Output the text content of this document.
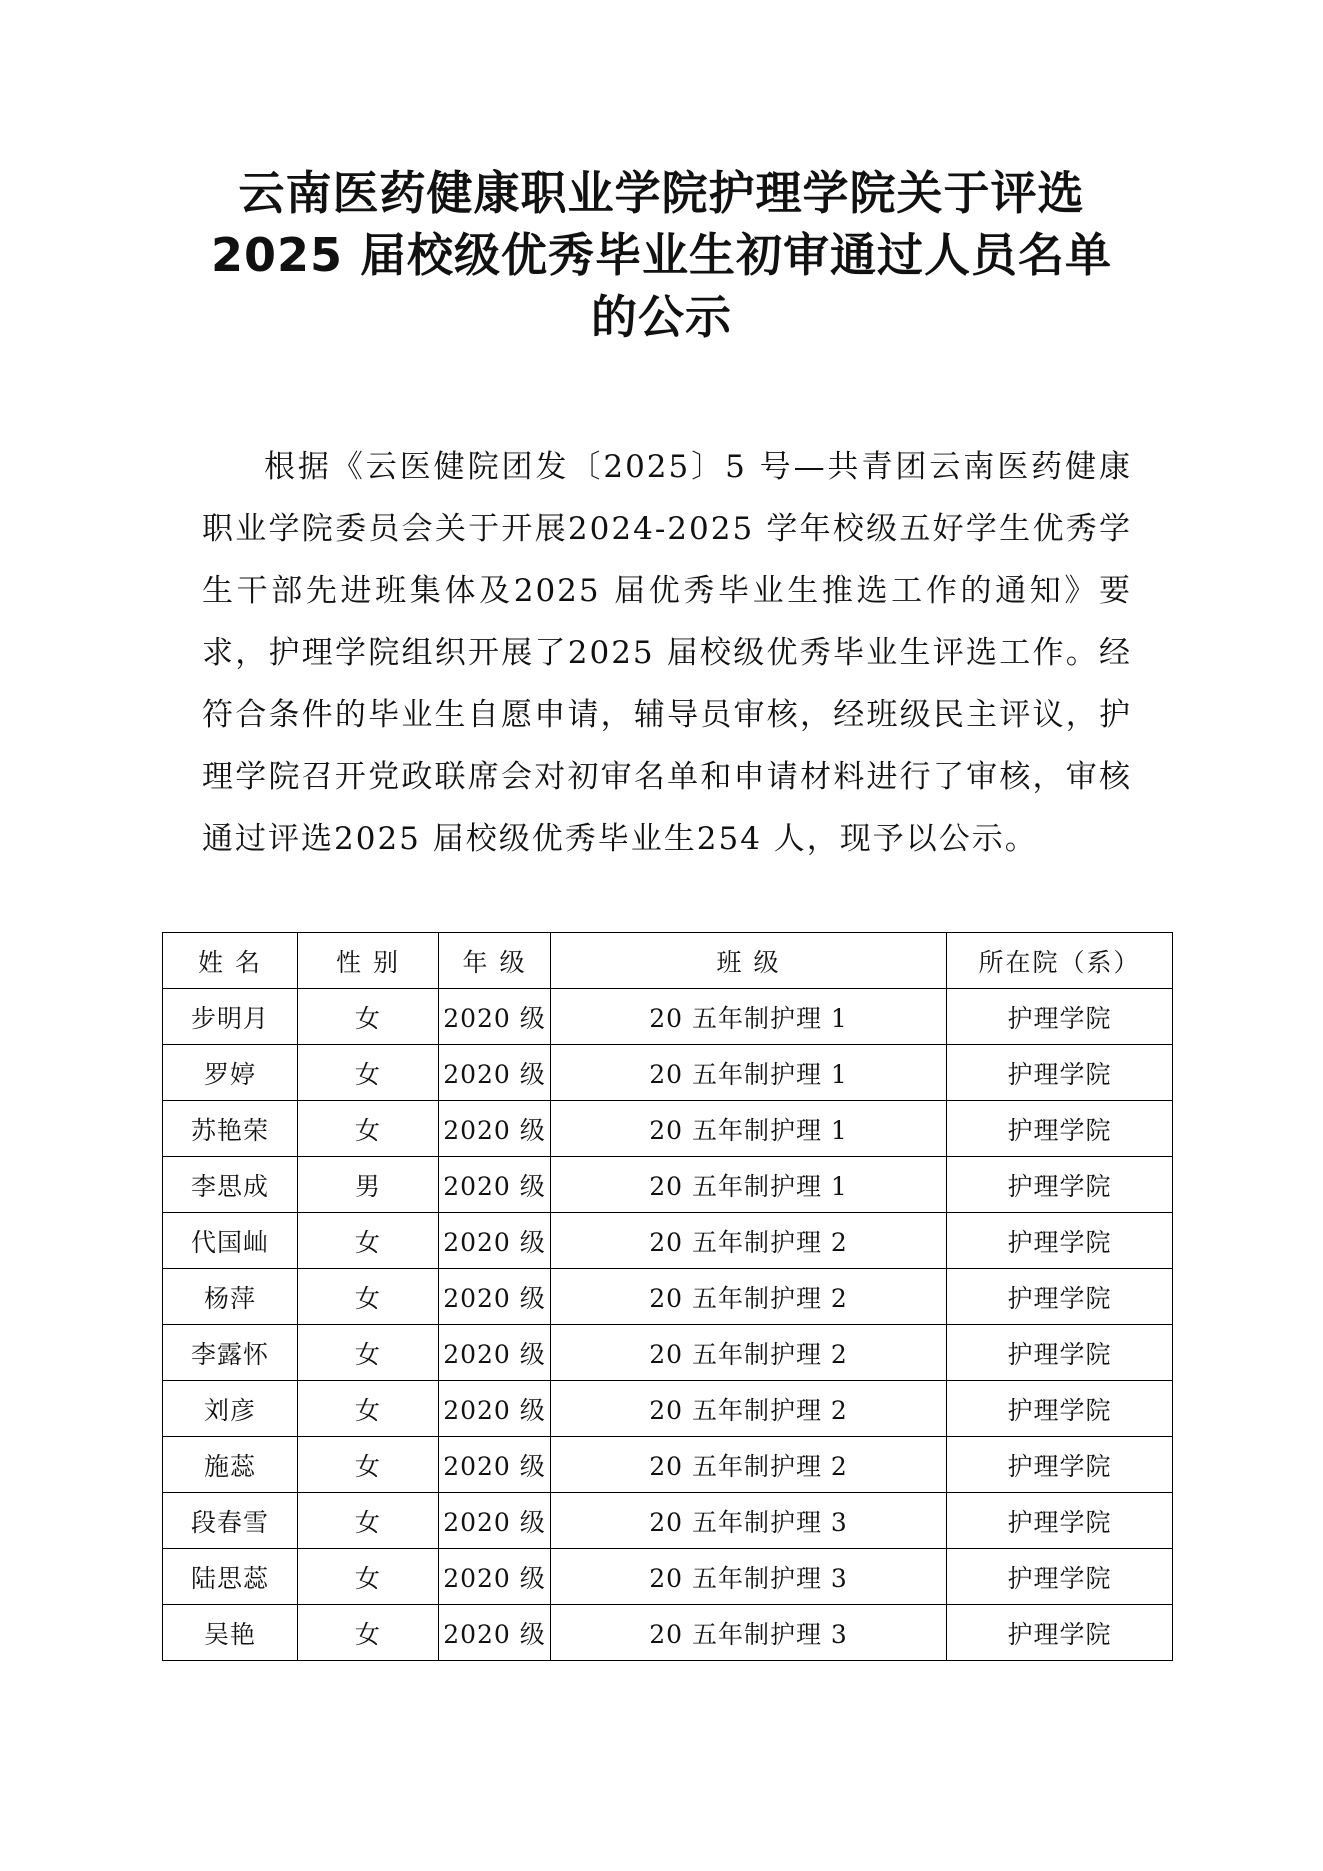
云南医药健康职业学院护理学院关于评选
2025 届校级优秀毕业生初审通过人员名单
的公示

根据《云医健院团发〔2025〕5 号—共青团云南医药健康职业学院委员会关于开展2024-2025 学年校级五好学生优秀学生干部先进班集体及2025 届优秀毕业生推选工作的通知》要求，护理学院组织开展了2025 届校级优秀毕业生评选工作。经符合条件的毕业生自愿申请，辅导员审核，经班级民主评议，护理学院召开党政联席会对初审名单和申请材料进行了审核，审核通过评选2025 届校级优秀毕业生254 人，现予以公示。

姓 名	性 别	年 级	班 级	所在院（系）
步明月	女	2020 级	20 五年制护理 1	护理学院
罗婷	女	2020 级	20 五年制护理 1	护理学院
苏艳荣	女	2020 级	20 五年制护理 1	护理学院
李思成	男	2020 级	20 五年制护理 1	护理学院
代国屾	女	2020 级	20 五年制护理 2	护理学院
杨萍	女	2020 级	20 五年制护理 2	护理学院
李露怀	女	2020 级	20 五年制护理 2	护理学院
刘彦	女	2020 级	20 五年制护理 2	护理学院
施蕊	女	2020 级	20 五年制护理 2	护理学院
段春雪	女	2020 级	20 五年制护理 3	护理学院
陆思蕊	女	2020 级	20 五年制护理 3	护理学院
吴艳	女	2020 级	20 五年制护理 3	护理学院
